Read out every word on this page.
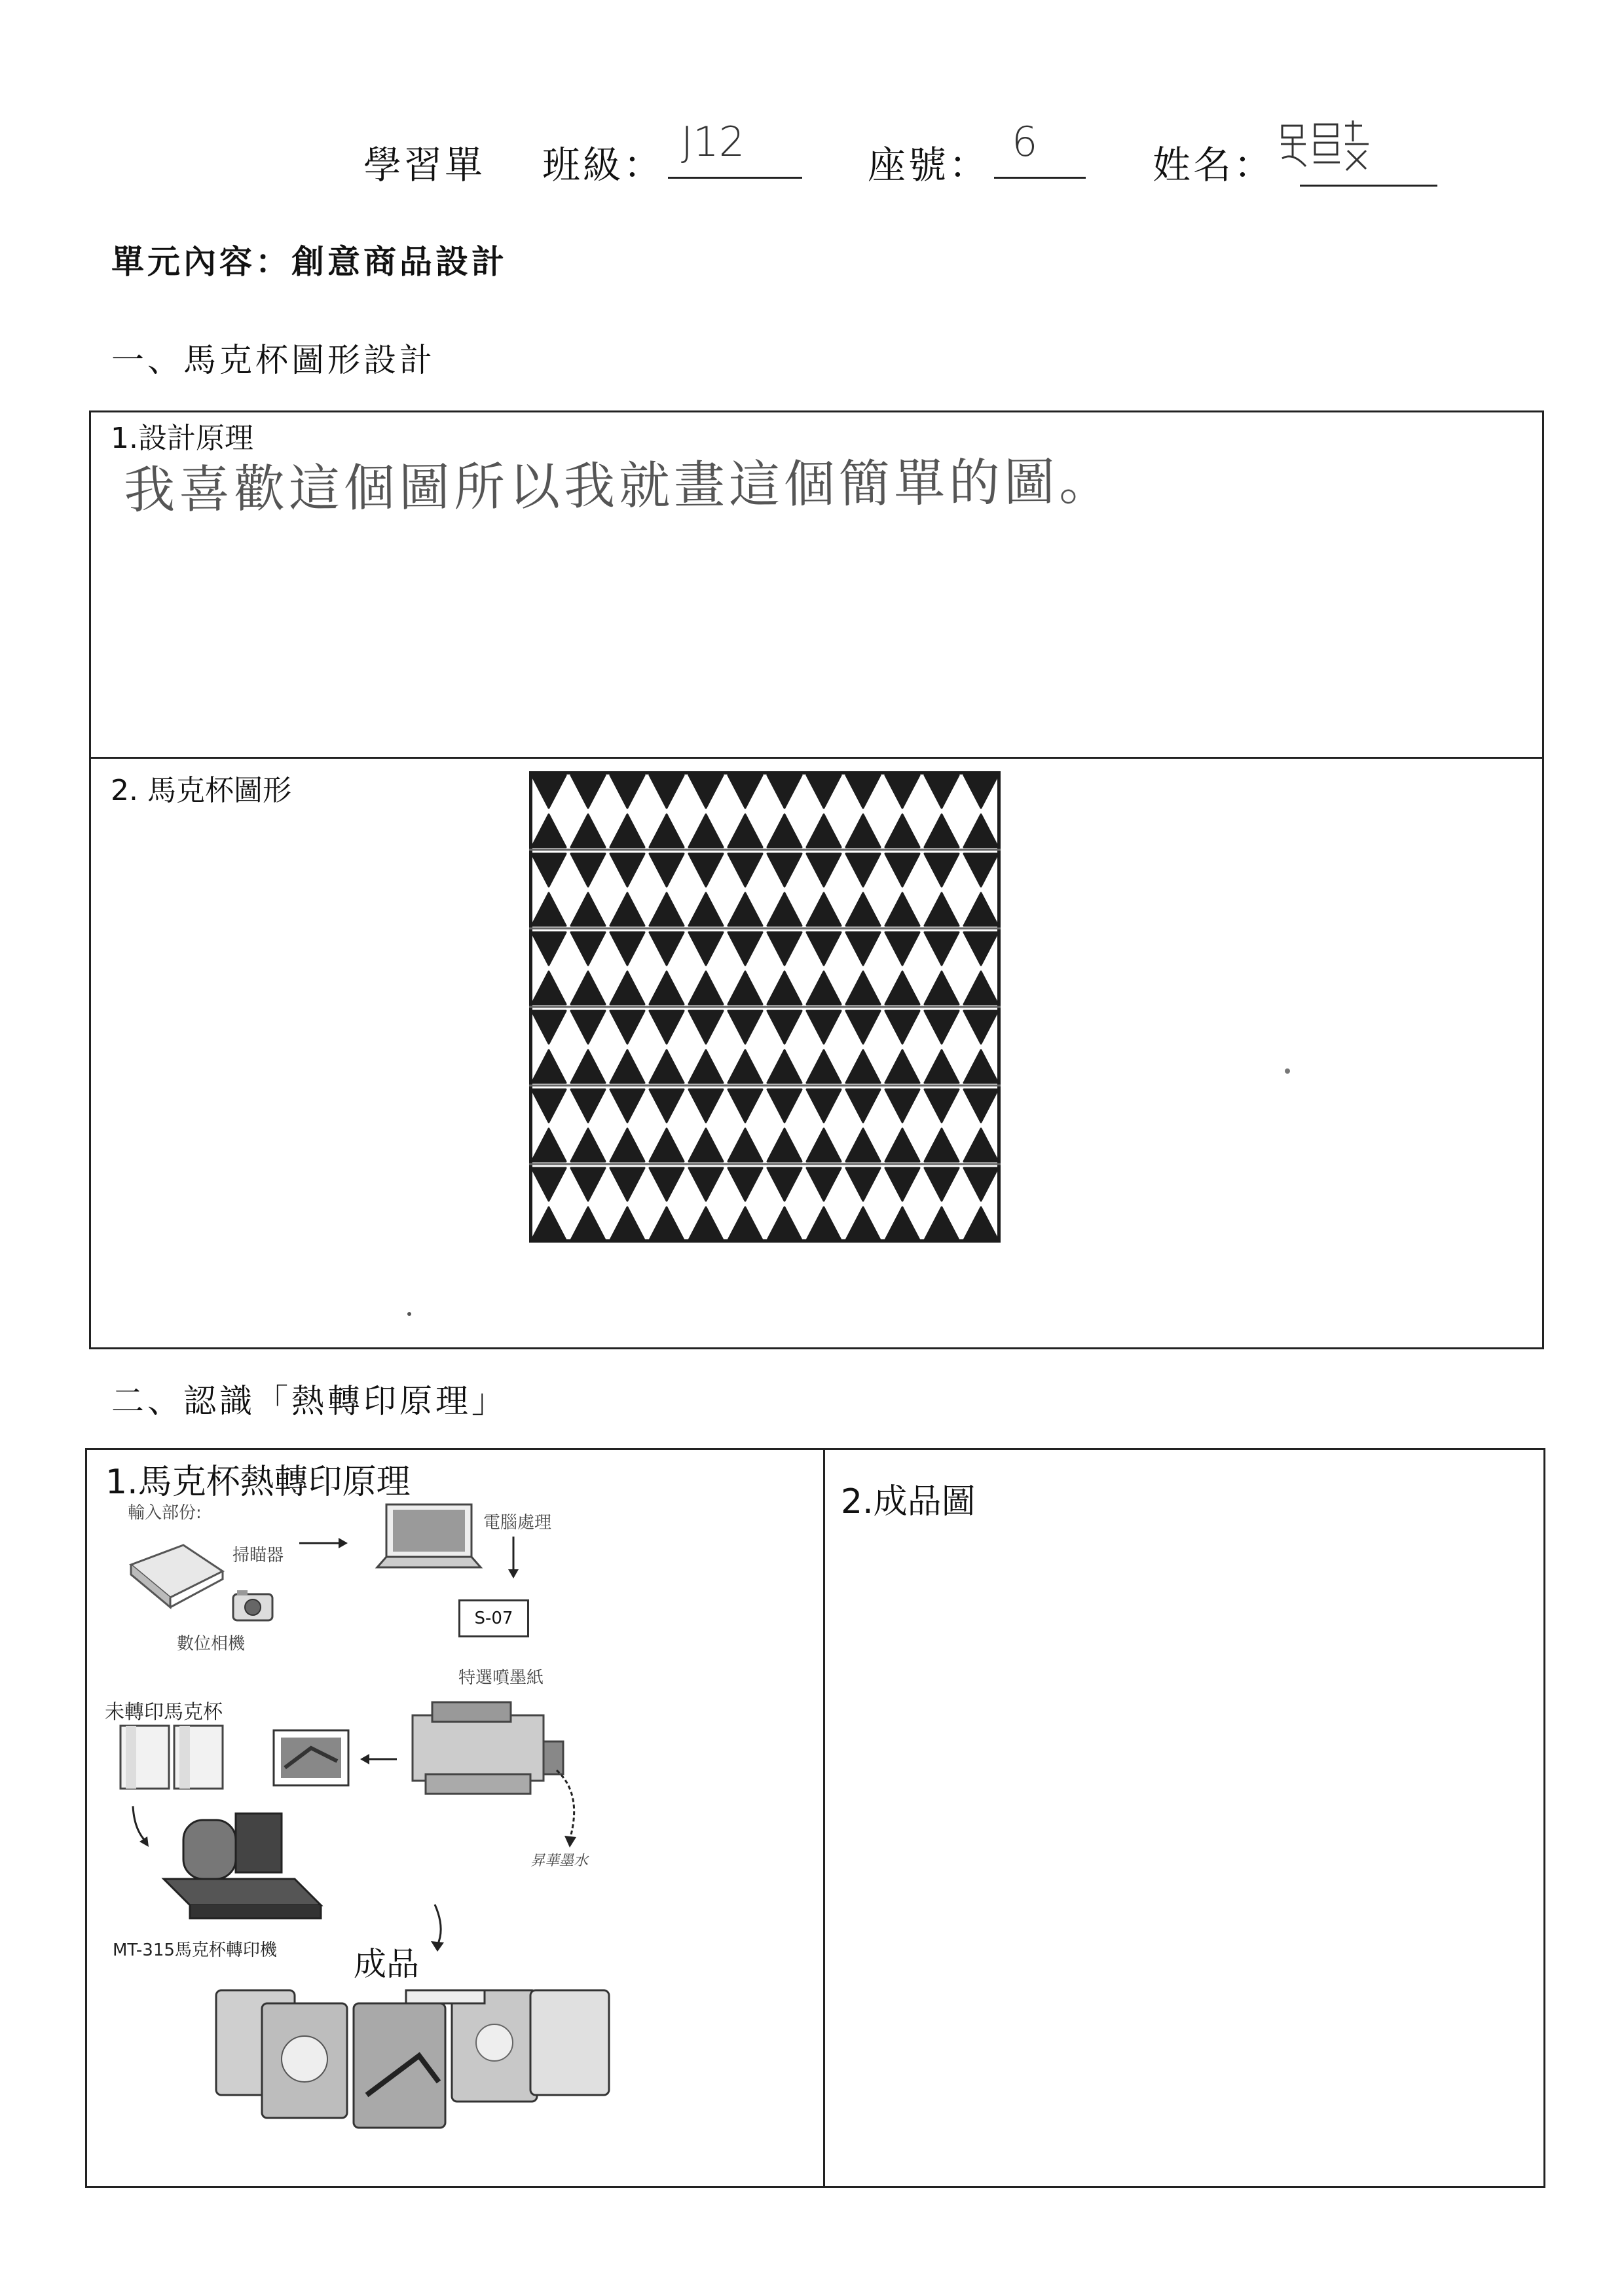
學習單 班級： J12	座號： 6	姓名：
單元內容：創意商品設計
一、馬克杯圖形設計
1.設計原理
我喜歡這個圖所以我就畫這個簡單的圖。
2. 馬克杯圖形
二、認識「熱轉印原理」
1.馬克杯熱轉印原理	2.成品圖
輸入部份:
掃瞄器
數位相機
電腦處理
S-07
特選噴墨紙
未轉印馬克杯
昇華墨水
MT-315馬克杯轉印機 成品
